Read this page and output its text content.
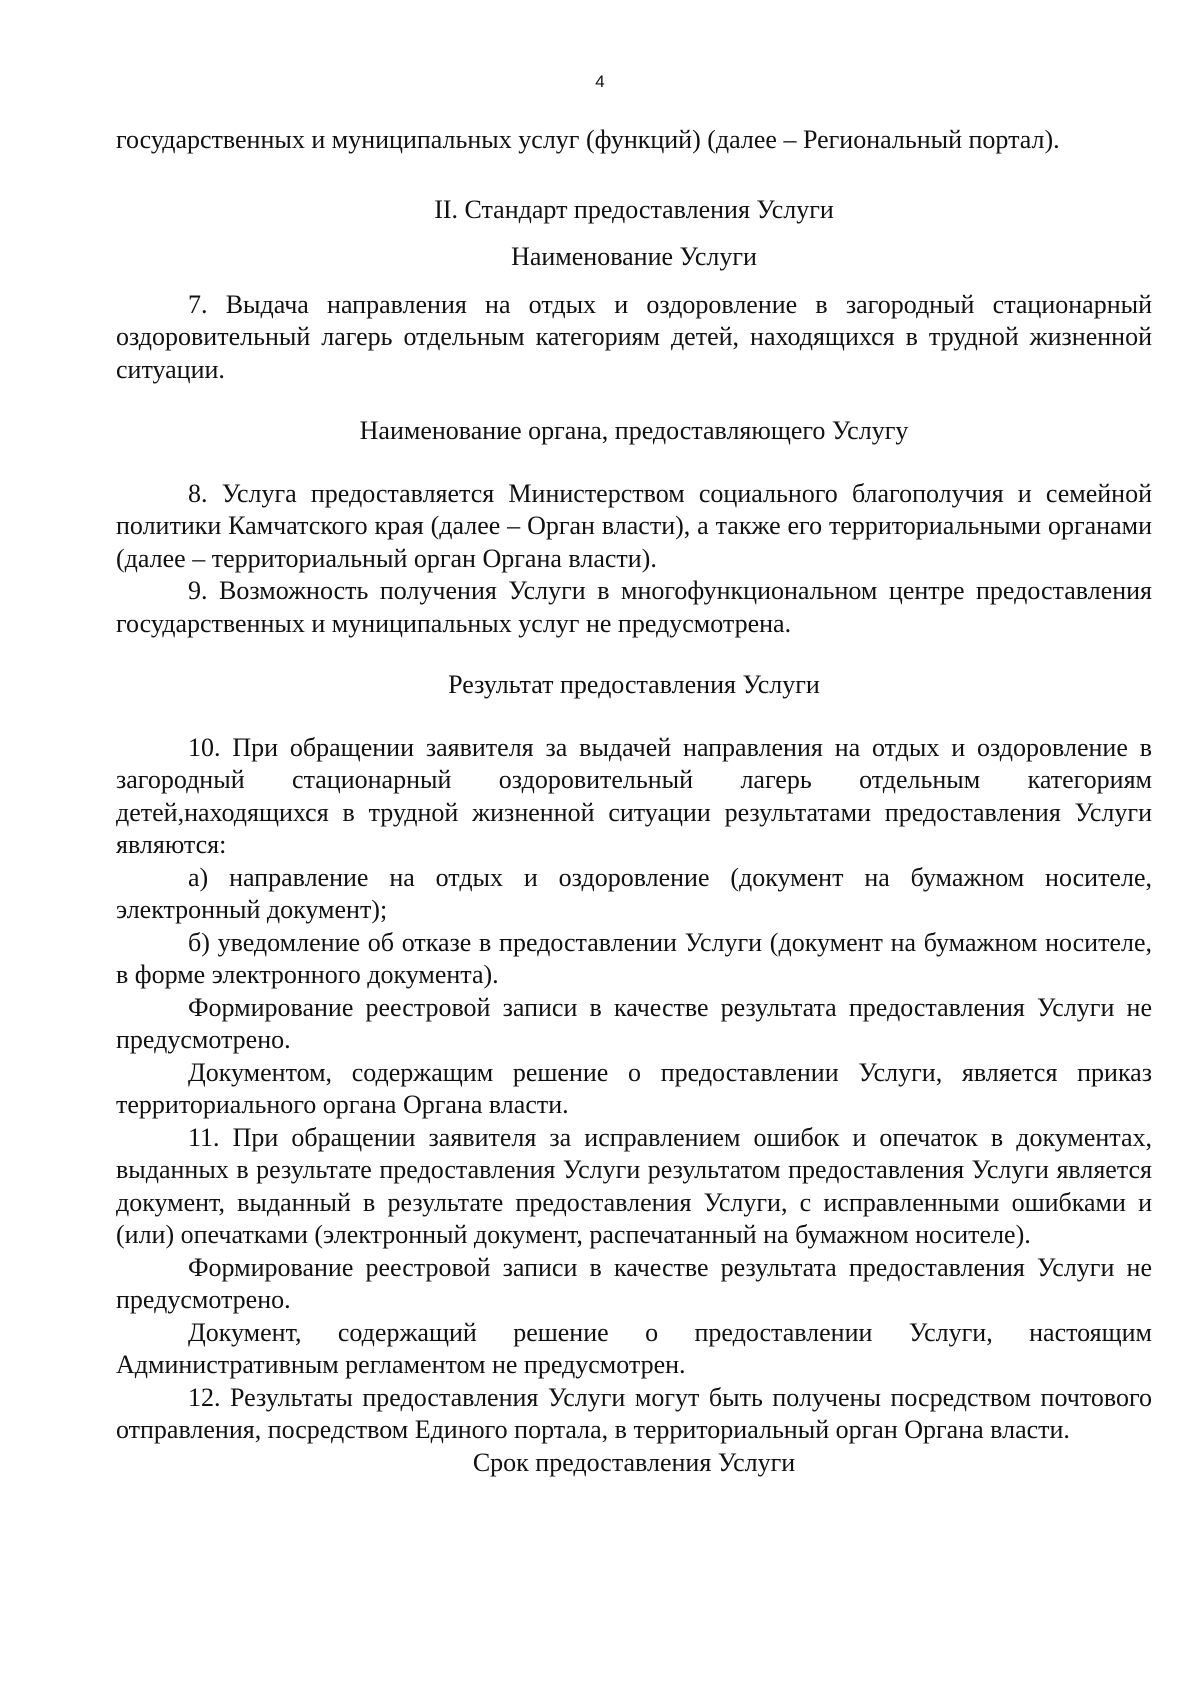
4

государственных и муниципальных услуг (функций) (далее – Региональный портал).

II. Стандарт предоставления Услуги
Наименование Услуги

7. Выдача направления на отдых и оздоровление в загородный стационарный оздоровительный лагерь отдельным категориям детей, находящихся в трудной жизненной ситуации.

Наименование органа, предоставляющего Услугу

8. Услуга предоставляется Министерством социального благополучия и семейной политики Камчатского края (далее – Орган власти), а также его территориальными органами (далее – территориальный орган Органа власти).

9. Возможность получения Услуги в многофункциональном центре предоставления государственных и муниципальных услуг не предусмотрена.

Результат предоставления Услуги

10. При обращении заявителя за выдачей направления на отдых и оздоровление в загородный стационарный оздоровительный лагерь отдельным категориям детей,находящихся в трудной жизненной ситуации результатами предоставления Услуги являются:

а) направление на отдых и оздоровление (документ на бумажном носителе, электронный документ);

б) уведомление об отказе в предоставлении Услуги (документ на бумажном носителе, в форме электронного документа).

Формирование реестровой записи в качестве результата предоставления Услуги не предусмотрено.

Документом, содержащим решение о предоставлении Услуги, является приказ территориального органа Органа власти.

11. При обращении заявителя за исправлением ошибок и опечаток в документах, выданных в результате предоставления Услуги результатом предоставления Услуги является документ, выданный в результате предоставления Услуги, с исправленными ошибками и (или) опечатками (электронный документ, распечатанный на бумажном носителе).

Формирование реестровой записи в качестве результата предоставления Услуги не предусмотрено.

Документ, содержащий решение о предоставлении Услуги, настоящим Административным регламентом не предусмотрен.

12. Результаты предоставления Услуги могут быть получены посредством почтового отправления, посредством Единого портала, в территориальный орган Органа власти.

Срок предоставления Услуги
